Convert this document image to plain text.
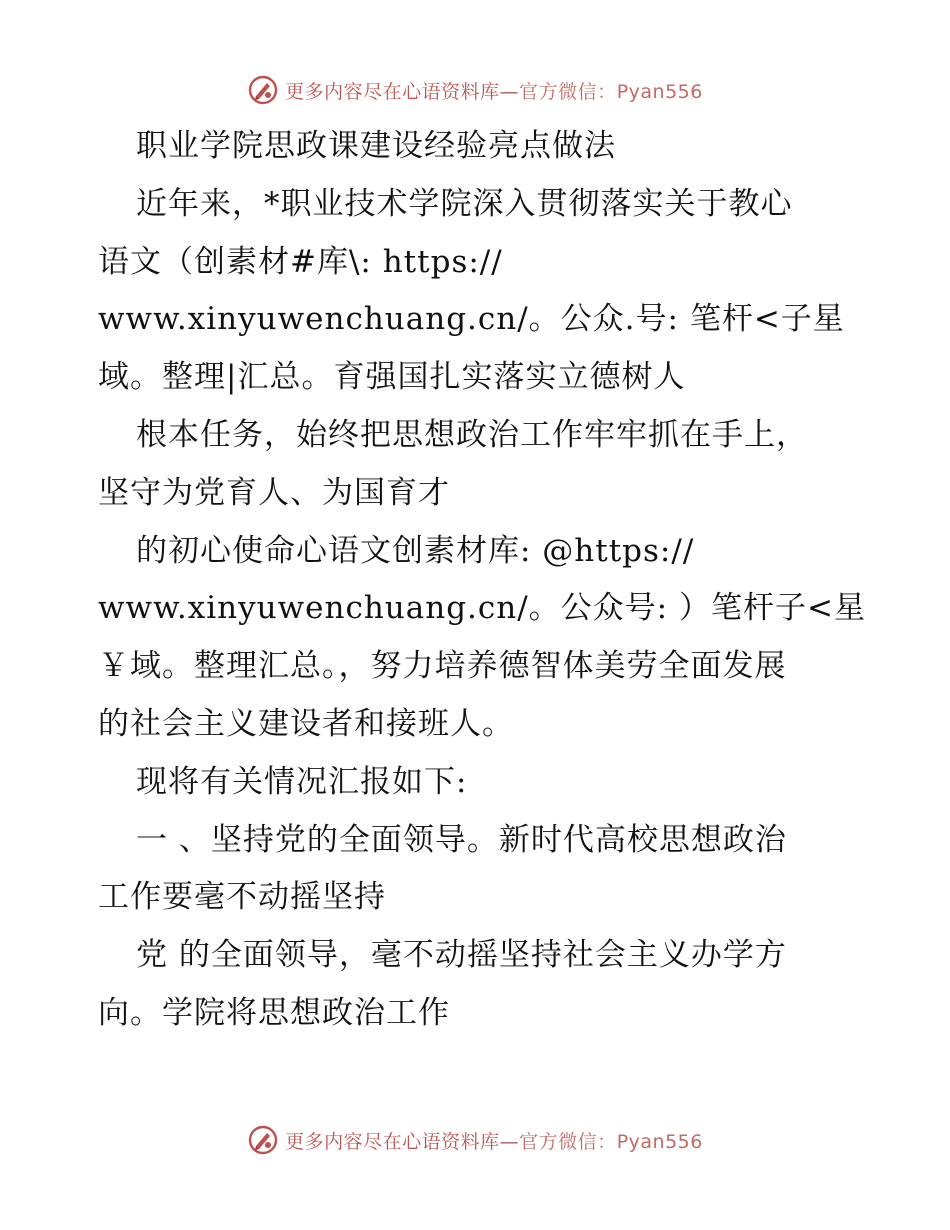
更多内容尽在心语资料库—官方微信：Pyan556
职业学院思政课建设经验亮点做法
近年来，*职业技术学院深入贯彻落实关于教心
语文（创素材#库\: https://
www.xinyuwenchuang.cn/。公众.号: 笔杆<子星
域。整理|汇总。育强国扎实落实立德树人
根本任务，始终把思想政治工作牢牢抓在手上，
坚守为党育人、为国育才
的初心使命心语文创素材库: @https://
www.xinyuwenchuang.cn/。公众号: ）笔杆子<星
￥域。整理汇总。，努力培养德智体美劳全面发展
的社会主义建设者和接班人。
现将有关情况汇报如下:
一 、坚持党的全面领导。新时代高校思想政治
工作要毫不动摇坚持
党 的全面领导，毫不动摇坚持社会主义办学方
向。学院将思想政治工作
更多内容尽在心语资料库—官方微信：Pyan556
